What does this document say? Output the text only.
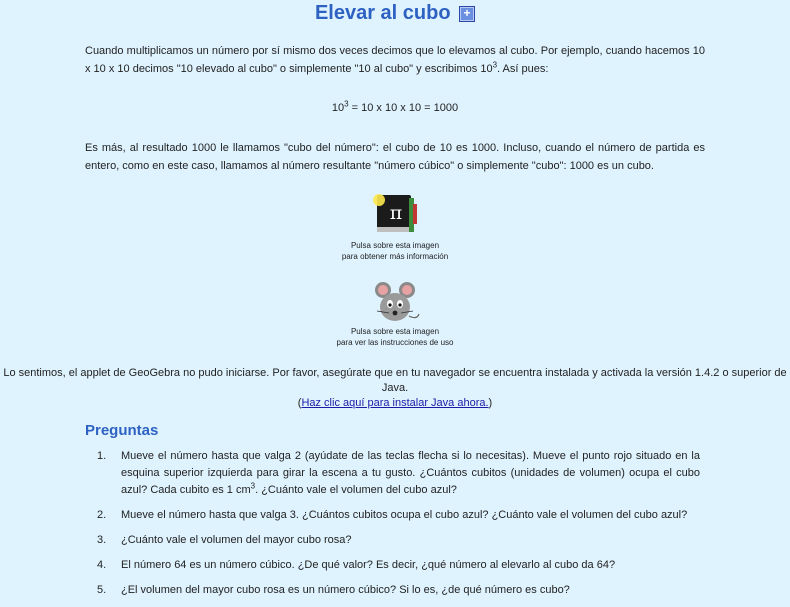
Elevar al cubo +
Cuando multiplicamos un número por sí mismo dos veces decimos que lo elevamos al cubo. Por ejemplo, cuando hacemos 10 x 10 x 10 decimos "10 elevado al cubo" o simplemente "10 al cubo" y escribimos $10^3$. Así pues:
$10^3 = 10$ x 10 x 10 = 1000
Es más, al resultado 1000 le llamamos "cubo del número": el cubo de 10 es 1000. Incluso, cuando el número de partida es entero, como en este caso, llamamos al número resultante "número cúbico" o simplemente "cubo": 1000 es un cubo.
π
Pulsa sobre esta imagen
para obtener más información
Pulsa sobre esta imagen
para ver las instrucciones de uso
Lo sentimos, el applet de GeoGebra no pudo iniciarse. Por favor, asegúrate que en tu navegador se encuentra instalada y activada la versión 1.4.2 o superior de Java.
(Haz clic aquí para instalar Java ahora.)
Preguntas
1. Mueve el número hasta que valga 2 (ayúdate de las teclas flecha si lo necesitas). Mueve el punto rojo situado en la esquina superior izquierda para girar la escena a tu gusto. ¿Cuántos cubitos (unidades de volumen) ocupa el cubo azul? Cada cubito es 1 $cm^3$. ¿Cuánto vale el volumen del cubo azul?
2. Mueve el número hasta que valga 3. ¿Cuántos cubitos ocupa el cubo azul? ¿Cuánto vale el volumen del cubo azul?
3. ¿Cuánto vale el volumen del mayor cubo rosa?
4. El número 64 es un número cúbico. ¿De qué valor? Es decir, ¿qué número al elevarlo al cubo da 64?
5. ¿El volumen del mayor cubo rosa es un número cúbico? Si lo es, ¿de qué número es cubo?
